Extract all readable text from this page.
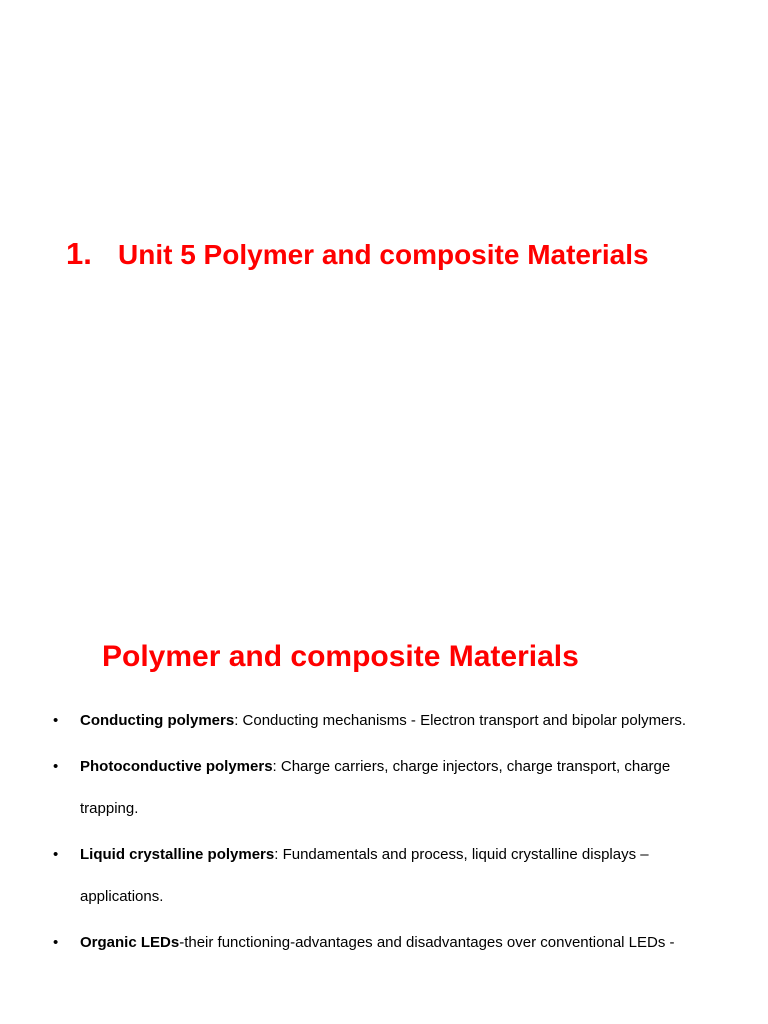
1. Unit 5 Polymer and composite Materials
Polymer and composite Materials
• Conducting polymers: Conducting mechanisms - Electron transport and bipolar polymers.
• Photoconductive polymers: Charge carriers, charge injectors, charge transport, charge trapping.
• Liquid crystalline polymers: Fundamentals and process, liquid crystalline displays – applications.
• Organic LEDs-their functioning-advantages and disadvantages over conventional LEDs -
